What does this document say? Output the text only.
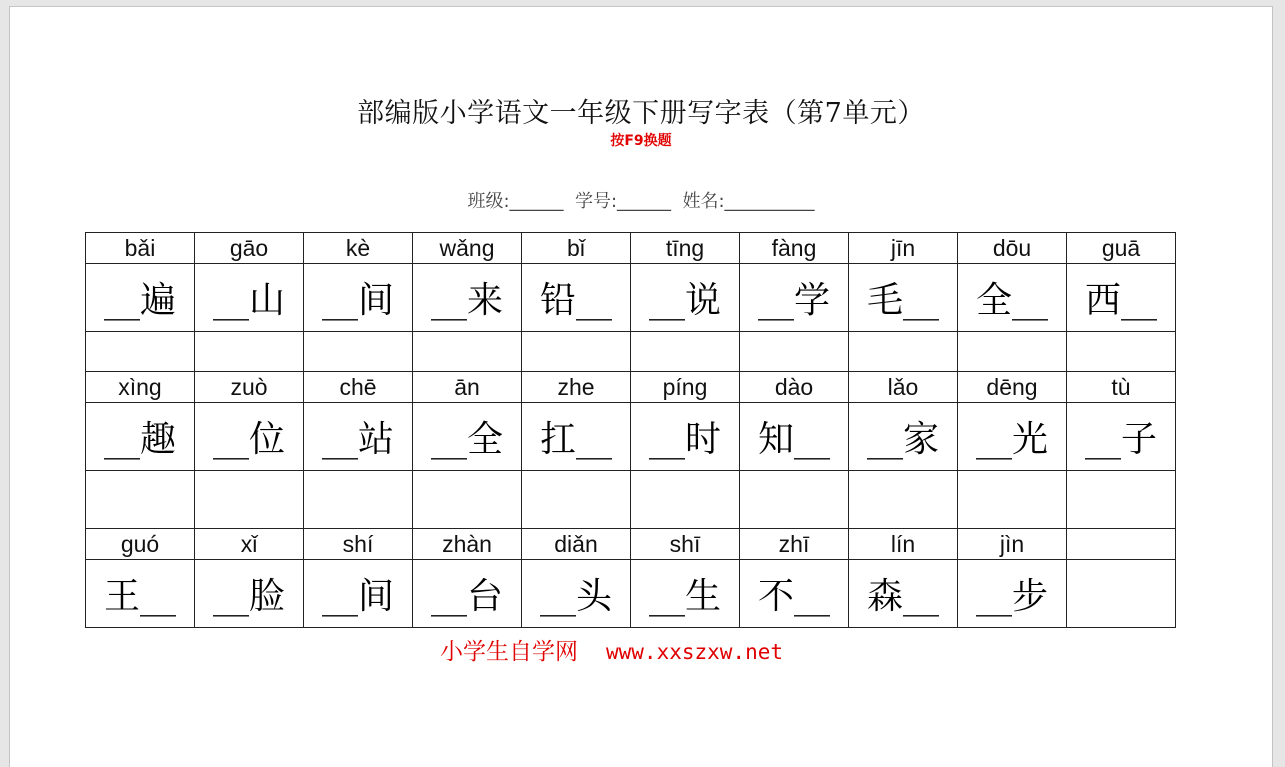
部编版小学语文一年级下册写字表（第7单元）
按F9换题
班级:______  学号:______  姓名:__________
bǎi	gāo	kè	wǎng	bǐ	tīng	fàng	jīn	dōu	guā
__遍	__山	__间	__来	铅__	__说	__学	毛__	全__	西__

xìng	zuò	chē	ān	zhe	píng	dào	lǎo	dēng	tù
__趣	__位	__站	__全	扛__	__时	知__	__家	__光	__子

guó	xǐ	shí	zhàn	diǎn	shī	zhī	lín	jìn	
王__	__脸	__间	__台	__头	__生	不__	森__	__步	
小学生自学网 www.xxszxw.net
